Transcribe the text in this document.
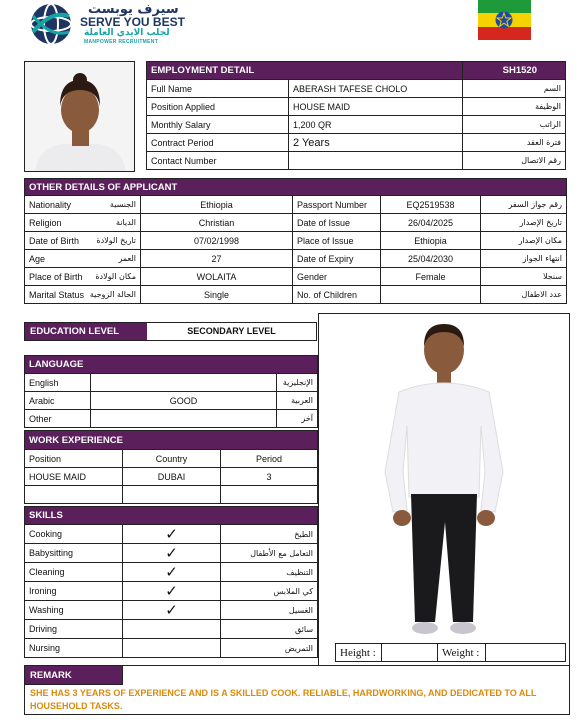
سيرف يوبست
SERVE YOU BEST
لجلب الايدي العاملة
MANPOWER RECRUITMENT
EMPLOYMENT DETAIL		SH1520
Full Name	ABERASH TAFESE CHOLO	السم
Position Applied	HOUSE MAID	الوظيفة
Monthly Salary	1,200 QR	الراتب
Contract Period	2 Years	فترة العقد
Contact Number		رقم الاتصال
OTHER DETAILS OF APPLICANT					
Nationality	الجنسية	Ethiopia	Passport Number	EQ2519538	رقم جواز السفر
Religion	الديانة	Christian	Date of Issue	26/04/2025	تاريخ الإصدار
Date of Birth	تاريخ الولادة	07/02/1998	Place of Issue	Ethiopia	مكان الإصدار
Age	العمر	27	Date of Expiry	25/04/2030	انتهاء الجواز
Place of Birth	مكان الولادة	WOLAITA	Gender	Female	سنجلا
Marital Status	الحالة الزوجية	Single	No. of Children		عدد الاطفال
EDUCATION LEVEL	SECONDARY LEVEL
Height :		Weight :	
LANGUAGE		
English		الإنجليزية
Arabic	GOOD	العربية
Other		آخر
WORK EXPERIENCE		
Position	Country	Period
HOUSE MAID	DUBAI	3

SKILLS		
Cooking	✓	الطبخ
Babysitting	✓	التعامل مع الأطفال
Cleaning	✓	التنظيف
Ironing	✓	كي الملابس
Washing	✓	الغسيل
Driving		سائق
Nursing		التمريض
REMARK
SHE HAS 3 YEARS OF EXPERIENCE AND IS A SKILLED COOK. RELIABLE, HARDWORKING, AND DEDICATED TO ALL HOUSEHOLD TASKS.
